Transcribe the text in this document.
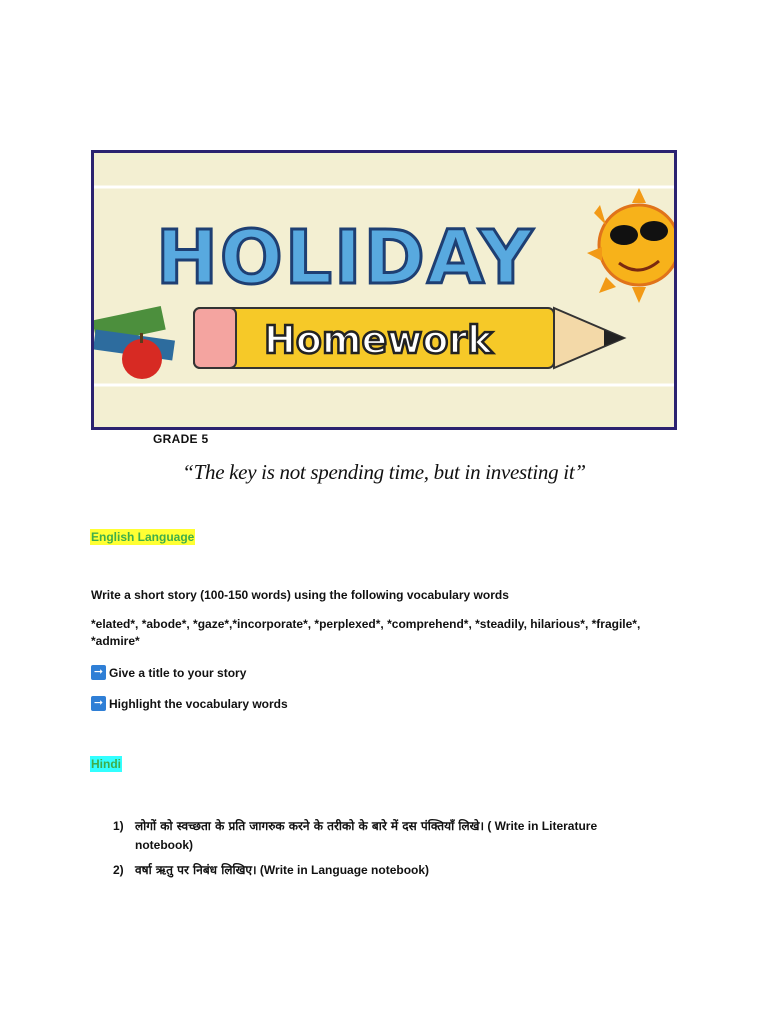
HOLIDAY
Homework
GRADE 5
“The key is not spending time, but in investing it”
English Language
Write a short story (100-150 words) using the following vocabulary words
*elated*, *abode*, *gaze*,*incorporate*, *perplexed*, *comprehend*, *steadily, hilarious*, *fragile*, *admire*
➞ Give a title to your story
➞ Highlight the vocabulary words
Hindi
1) लोगों को स्वच्छता के प्रति जागरुक करने के तरीको के बारे में दस पंक्तियाँ लिखे। ( Write in Literature
notebook)
2) वर्षा ऋतु पर निबंध लिखिए। (Write in Language notebook)
